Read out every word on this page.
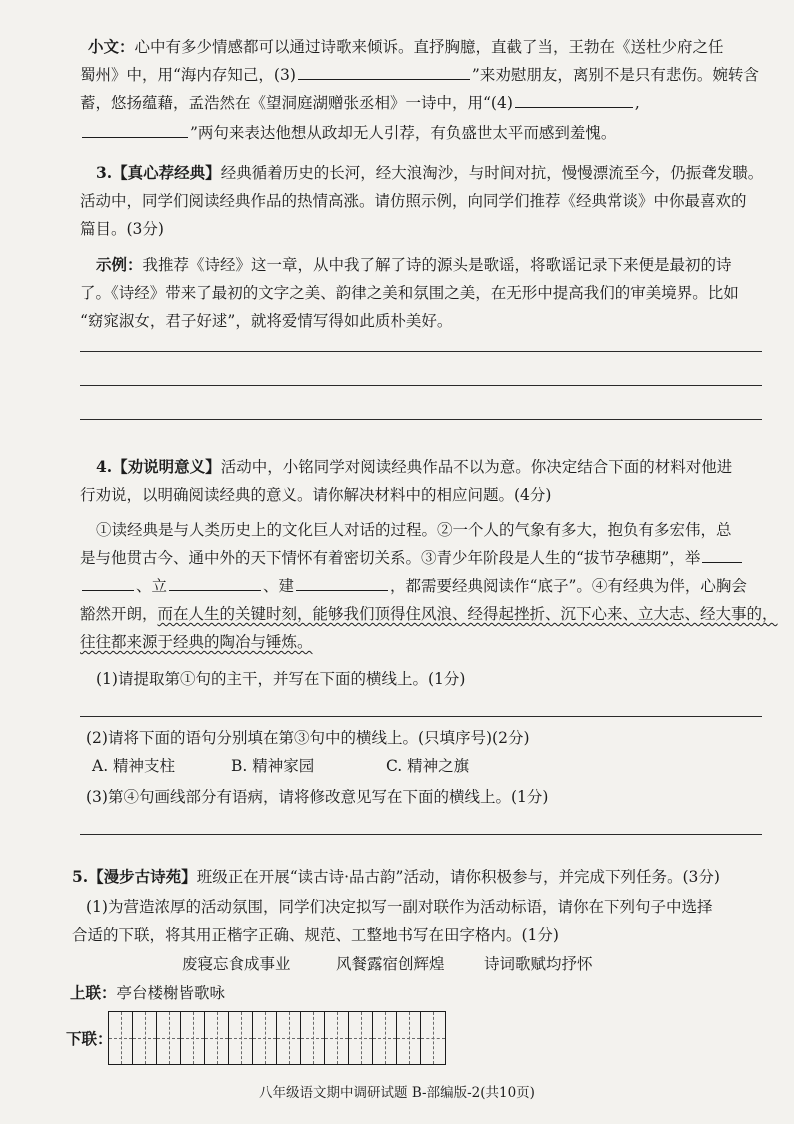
小文：心中有多少情感都可以通过诗歌来倾诉。直抒胸臆，直截了当，王勃在《送杜少府之任
蜀州》中，用“海内存知己，(3)	”来劝慰朋友，离别不是只有悲伤。婉转含
蓄，悠扬蕴藉，孟浩然在《望洞庭湖赠张丞相》一诗中，用“(4)	,
”两句来表达他想从政却无人引荐，有负盛世太平而感到羞愧。
3.【真心荐经典】经典循着历史的长河，经大浪淘沙，与时间对抗，慢慢漂流至今，仍振聋发聩。
活动中，同学们阅读经典作品的热情高涨。请仿照示例，向同学们推荐《经典常谈》中你最喜欢的
篇目。(3分)
示例：我推荐《诗经》这一章，从中我了解了诗的源头是歌谣，将歌谣记录下来便是最初的诗
了。《诗经》带来了最初的文字之美、韵律之美和氛围之美，在无形中提高我们的审美境界。比如
“窈窕淑女，君子好逑”，就将爱情写得如此质朴美好。
4.【劝说明意义】活动中，小铭同学对阅读经典作品不以为意。你决定结合下面的材料对他进
行劝说，以明确阅读经典的意义。请你解决材料中的相应问题。(4分)
①读经典是与人类历史上的文化巨人对话的过程。②一个人的气象有多大，抱负有多宏伟，总
是与他贯古今、通中外的天下情怀有着密切关系。③青少年阶段是人生的“拔节孕穗期”，举
、立	、建	，都需要经典阅读作“底子”。④有经典为伴，心胸会
豁然开朗，而在人生的关键时刻，能够我们顶得住风浪、经得起挫折、沉下心来、立大志、经大事的，
往往都来源于经典的陶冶与锤炼。
(1)请提取第①句的主干，并写在下面的横线上。(1分)
(2)请将下面的语句分别填在第③句中的横线上。(只填序号)(2分)
A. 精神支柱	B. 精神家园	C. 精神之旗
(3)第④句画线部分有语病，请将修改意见写在下面的横线上。(1分)
5.【漫步古诗苑】班级正在开展“读古诗·品古韵”活动，请你积极参与，并完成下列任务。(3分)
(1)为营造浓厚的活动氛围，同学们决定拟写一副对联作为活动标语，请你在下列句子中选择
合适的下联，将其用正楷字正确、规范、工整地书写在田字格内。(1分)
废寝忘食成事业	风餐露宿创辉煌	诗词歌赋均抒怀
上联：亭台楼榭皆歌咏
下联：
八年级语文期中调研试题 B-部编版-2(共10页)
